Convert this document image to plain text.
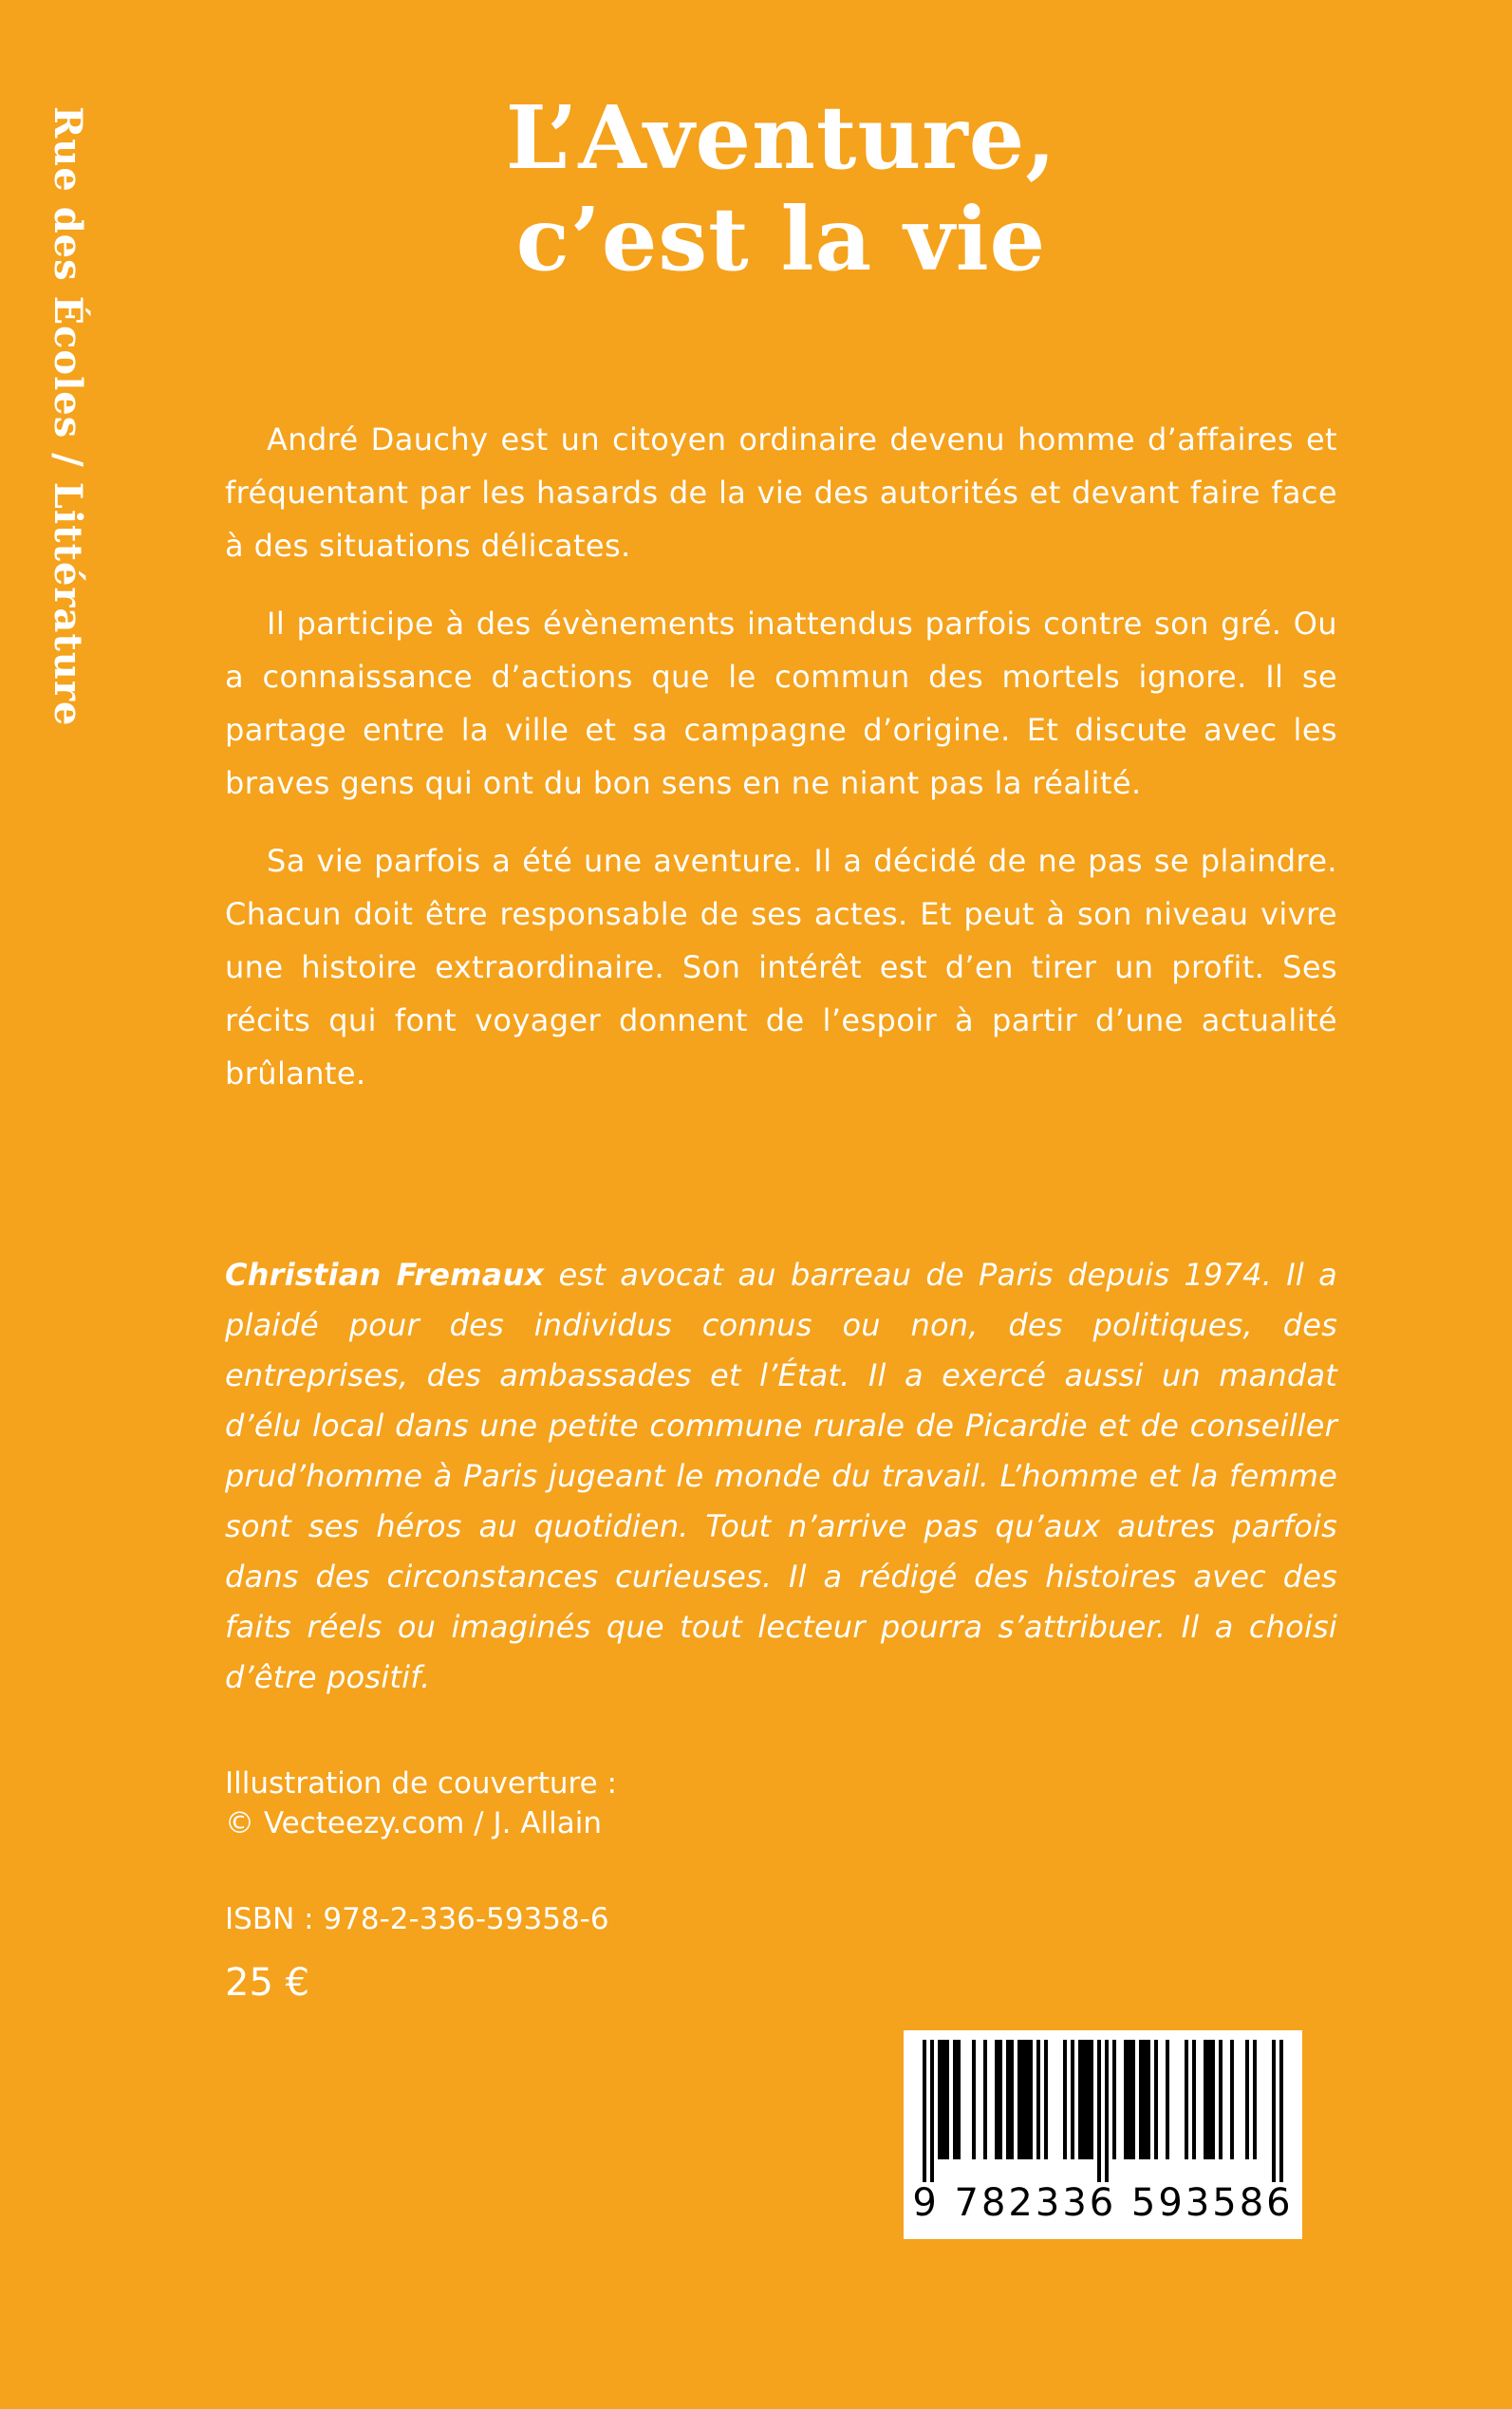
Rue des Écoles / Littérature	L’Aventure,
c’est la vie

André Dauchy est un citoyen ordinaire devenu homme d’affaires et fréquentant par les hasards de la vie des autorités et devant faire face à des situations délicates.

Il participe à des évènements inattendus parfois contre son gré. Ou a connaissance d’actions que le commun des mortels ignore. Il se partage entre la ville et sa campagne d’origine. Et discute avec les braves gens qui ont du bon sens en ne niant pas la réalité.

Sa vie parfois a été une aventure. Il a décidé de ne pas se plaindre. Chacun doit être responsable de ses actes. Et peut à son niveau vivre une histoire extraordinaire. Son intérêt est d’en tirer un profit. Ses récits qui font voyager donnent de l’espoir à partir d’une actualité brûlante.

Christian Fremaux est avocat au barreau de Paris depuis 1974. Il a plaidé pour des individus connus ou non, des politiques, des entreprises, des ambassades et l’État. Il a exercé aussi un mandat d’élu local dans une petite commune rurale de Picardie et de conseiller prud’homme à Paris jugeant le monde du travail. L’homme et la femme sont ses héros au quotidien. Tout n’arrive pas qu’aux autres parfois dans des circonstances curieuses. Il a rédigé des histoires avec des faits réels ou imaginés que tout lecteur pourra s’attribuer. Il a choisi d’être positif.

Illustration de couverture :
© Vecteezy.com / J. Allain
ISBN : 978-2-336-59358-6
25 €
9 782336 593586
